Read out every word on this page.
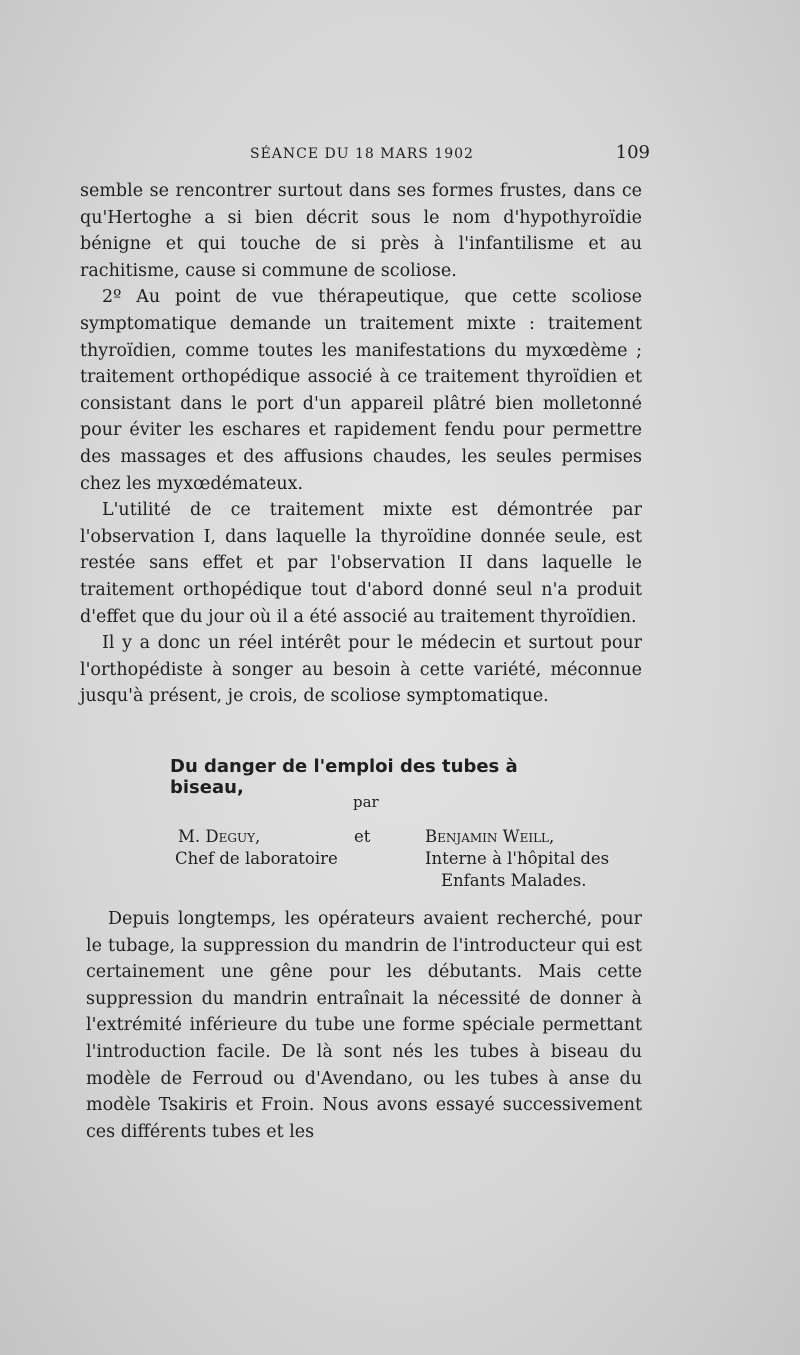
SÉANCE DU 18 MARS 1902	109

semble se rencontrer surtout dans ses formes frustes, dans ce qu'Hertoghe a si bien décrit sous le nom d'hypothyroïdie bénigne et qui touche de si près à l'infantilisme et au rachitisme, cause si commune de scoliose.

2º Au point de vue thérapeutique, que cette scoliose symptomatique demande un traitement mixte : traitement thyroïdien, comme toutes les manifestations du myxœdème ; traitement orthopédique associé à ce traitement thyroïdien et consistant dans le port d'un appareil plâtré bien molletonné pour éviter les eschares et rapidement fendu pour permettre des massages et des affusions chaudes, les seules permises chez les myxœdémateux.

L'utilité de ce traitement mixte est démontrée par l'observation I, dans laquelle la thyroïdine donnée seule, est restée sans effet et par l'observation II dans laquelle le traitement orthopédique tout d'abord donné seul n'a produit d'effet que du jour où il a été associé au traitement thyroïdien.

Il y a donc un réel intérêt pour le médecin et surtout pour l'orthopédiste à songer au besoin à cette variété, méconnue jusqu'à présent, je crois, de scoliose symptomatique.

Du danger de l'emploi des tubes à biseau,
par
M. Deguy,
Chef de laboratoire
et	Benjamin Weill,
Interne à l'hôpital des
Enfants Malades.

Depuis longtemps, les opérateurs avaient recherché, pour le tubage, la suppression du mandrin de l'introducteur qui est certainement une gêne pour les débutants. Mais cette suppression du mandrin entraînait la nécessité de donner à l'extrémité inférieure du tube une forme spéciale permettant l'introduction facile. De là sont nés les tubes à biseau du modèle de Ferroud ou d'Avendano, ou les tubes à anse du modèle Tsakiris et Froin. Nous avons essayé successivement ces différents tubes et les
